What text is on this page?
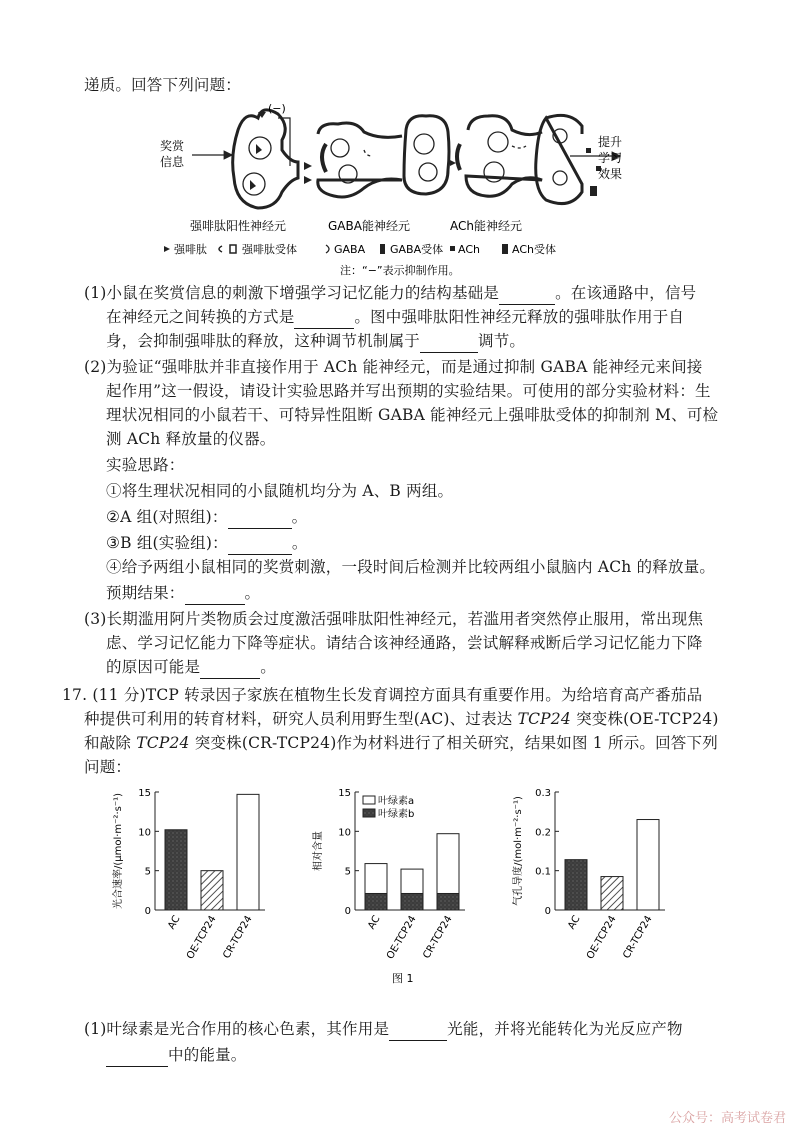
递质。回答下列问题：
奖赏
信息
(−)
强啡肽阳性神经元	GABA能神经元	ACh能神经元
强啡肽	强啡肽受体	GABA GABA受体 ACh	ACh受体
注：“−”表示抑制作用。
提升
学习
效果
(1)小鼠在奖赏信息的刺激下增强学习记忆能力的结构基础是	。在该通路中，信号
在神经元之间转换的方式是	。图中强啡肽阳性神经元释放的强啡肽作用于自
身，会抑制强啡肽的释放，这种调节机制属于	调节。
(2)为验证“强啡肽并非直接作用于 ACh 能神经元，而是通过抑制 GABA 能神经元来间接
起作用”这一假设，请设计实验思路并写出预期的实验结果。可使用的部分实验材料：生
理状况相同的小鼠若干、可特异性阻断 GABA 能神经元上强啡肽受体的抑制剂 M、可检
测 ACh 释放量的仪器。
实验思路：
①将生理状况相同的小鼠随机均分为 A、B 两组。
②A 组(对照组)：	。
③B 组(实验组)：	。
④给予两组小鼠相同的奖赏刺激，一段时间后检测并比较两组小鼠脑内 ACh 的释放量。
预期结果：	。
(3)长期滥用阿片类物质会过度激活强啡肽阳性神经元，若滥用者突然停止服用，常出现焦
虑、学习记忆能力下降等症状。请结合该神经通路，尝试解释戒断后学习记忆能力下降
的原因可能是	。
17. (11 分)TCP 转录因子家族在植物生长发育调控方面具有重要作用。为给培育高产番茄品
种提供可利用的转育材料，研究人员利用野生型(AC)、过表达 TCP24 突变株(OE-TCP24)
和敲除 TCP24 突变株(CR-TCP24)作为材料进行了相关研究，结果如图 1 所示。回答下列
问题：
0
5
10
15
光合速率/(μmol·m⁻²·s⁻¹)
AC OE-TCP24 CR-TCP24
0
5
10
15
相对含量
AC OE-TCP24 CR-TCP24
叶绿素a
叶绿素b
0
0.1
0.2
0.3
气孔导度/(mol·m⁻²·s⁻¹)
AC OE-TCP24 CR-TCP24
图 1
(1)叶绿素是光合作用的核心色素，其作用是	光能，并将光能转化为光反应产物
中的能量。
公众号：高考试卷君
